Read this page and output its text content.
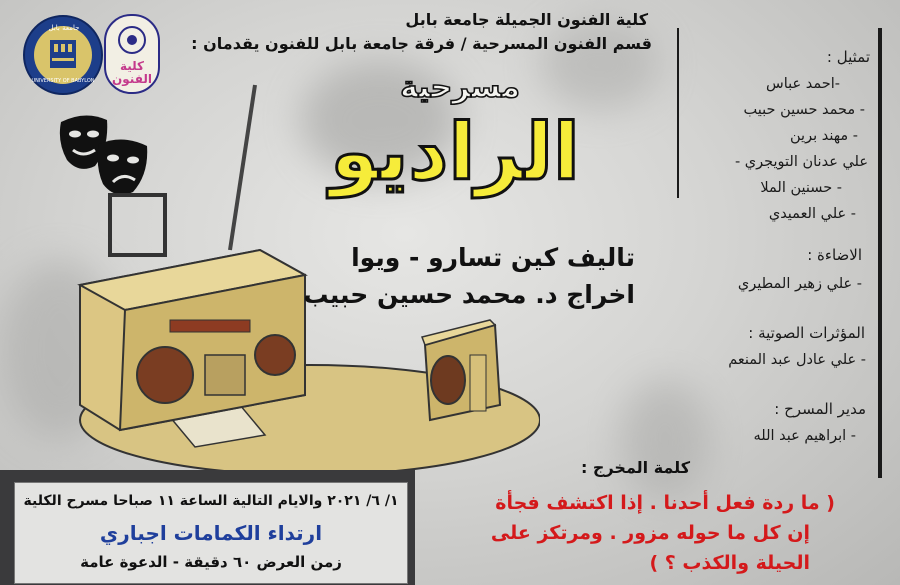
جامعة بابل
UNIVERSITY OF BABYLON
كلية الفنون
كلية الفنون الجميلة جامعة بابل
قسم الفنون المسرحية / فرقة جامعة بابل للفنون يقدمان :
مسرحية
الراديو
تاليف كين تسارو - ويوا
اخراج د. محمد حسين حبيب
تمثيل :
-احمد عباس
- محمد حسين حبيب
- مهند برين
علي عدنان التويجري -
- حسنين الملا
- علي العميدي
الاضاءة :
- علي زهير المطيري
المؤثرات الصوتية :
- علي عادل عبد المنعم
مدير المسرح :
- ابراهيم عبد الله
كلمة المخرج :
( ما ردة فعل أحدنا . إذا اكتشف فجأة
إن كل ما حوله مزور . ومرتكز على
الحيلة والكذب ؟ )
١/ ٦/ ٢٠٢١ والايام التالية الساعة ١١ صباحا مسرح الكلية
ارتداء الكمامات اجباري
زمن العرض ٦٠ دقيقة - الدعوة عامة
